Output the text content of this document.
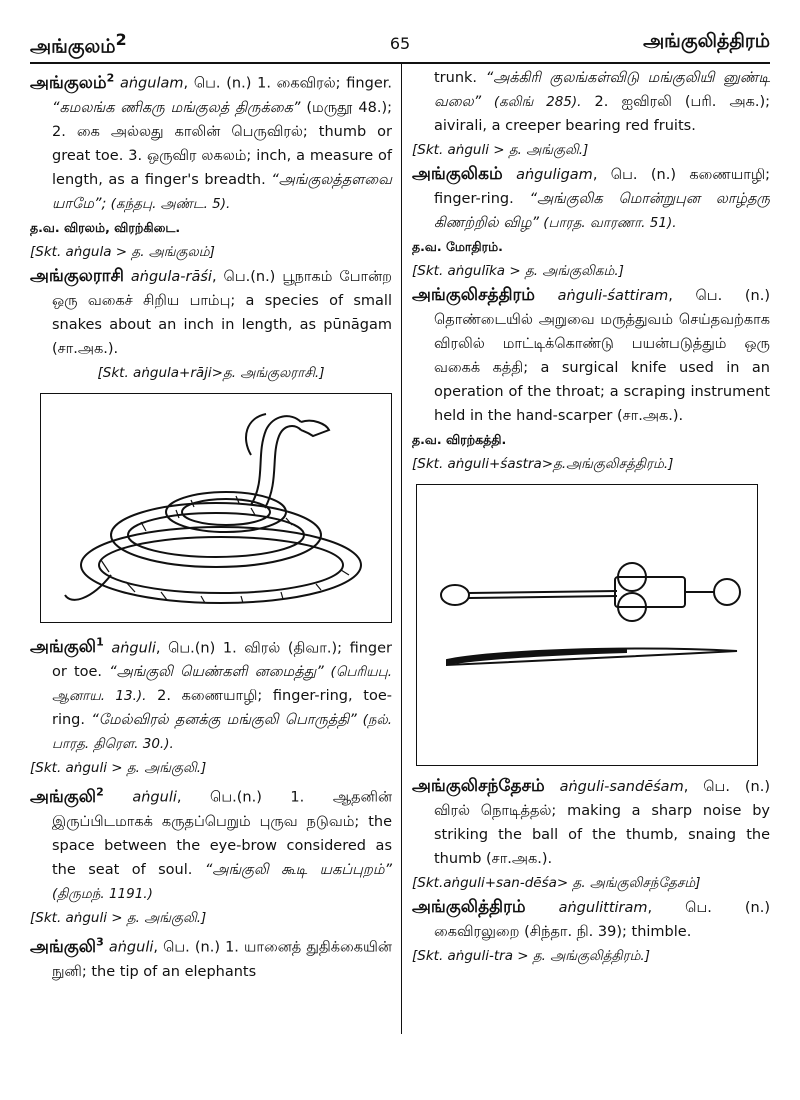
அங்குலம்$^2$	65	அங்குலித்திரம்

அங்குலம்$^2$ aṅgulam, பெ. (n.) 1. கைவிரல்; finger. “கமலங்க ணிகரு மங்குலத் திருக்கை” (மருதூ 48.); 2. கை அல்லது காலின் பெருவிரல்; thumb or great toe. 3. ஒருவிர லகலம்; inch, a measure of length, as a finger's breadth. “அங்குலத்தளவை யாமே”; (கந்தபு. அண்ட. 5).

த.வ. விரலம், விரற்கிடை.

[Skt. aṅgula > த. அங்குலம்]

அங்குலராசி aṅgula-rāśi, பெ.(n.) பூநாகம் போன்ற ஒரு வகைச் சிறிய பாம்பு; a species of small snakes about an inch in length, as pūnāgam (சா.அக.).

[Skt. aṅgula+rāji>த. அங்குலராசி.]

அங்குலி$^1$ aṅguli, பெ.(n) 1. விரல் (திவா.); finger or toe. “அங்குலி யெண்களி னமைத்து” (பெரியபு. ஆனாய. 13.). 2. கணையாழி; finger-ring, toe-ring. “மேல்விரல் தனக்கு மங்குலி பொருத்தி” (நல். பாரத. திரௌ. 30.).

[Skt. aṅguli > த. அங்குலி.]

அங்குலி$^2$ aṅguli, பெ.(n.) 1. ஆதனின் இருப்பிடமாகக் கருதப்பெறும் புருவ நடுவம்; the space between the eye-brow considered as the seat of soul. “அங்குலி கூடி யகப்புறம்” (திருமந். 1191.)

[Skt. aṅguli > த. அங்குலி.]

அங்குலி$^3$ aṅguli, பெ. (n.) 1. யானைத் துதிக்கையின் நுனி; the tip of an elephants

trunk. “அக்கிரி குலங்கள்விடு மங்குலியி னுண்டி வலை” (கலிங் 285). 2. ஐவிரலி (பரி. அக.); aivirali, a creeper bearing red fruits.

[Skt. aṅguli > த. அங்குலி.]

அங்குலிகம் aṅguligam, பெ. (n.) கணையாழி; finger-ring. “அங்குலிக மொன்றுபுன லாழ்தரு கிணற்றில் விழ” (பாரத. வாரணா. 51).

த.வ. மோதிரம்.

[Skt. aṅgulīka > த. அங்குலிகம்.]

அங்குலிசத்திரம் aṅguli-śattiram, பெ. (n.) தொண்டையில் அறுவை மருத்துவம் செய்தவற்காக விரலில் மாட்டிக்கொண்டு பயன்படுத்தும் ஒரு வகைக் கத்தி; a surgical knife used in an operation of the throat; a scraping instrument held in the hand-scarper (சா.அக.).

த.வ. விரற்கத்தி.

[Skt. aṅguli+śastra>த.அங்குலிசத்திரம்.]

அங்குலிசந்தேசம் aṅguli-sandēśam, பெ. (n.) விரல் நொடித்தல்; making a sharp noise by striking the ball of the thumb, snaing the thumb (சா.அக.).

[Skt.aṅguli+san-dēśa> த. அங்குலிசந்தேசம்]

அங்குலித்திரம் aṅgulittiram, பெ. (n.) கைவிரலுறை (சிந்தா. நி. 39); thimble.

[Skt. aṅguli-tra > த. அங்குலித்திரம்.]
